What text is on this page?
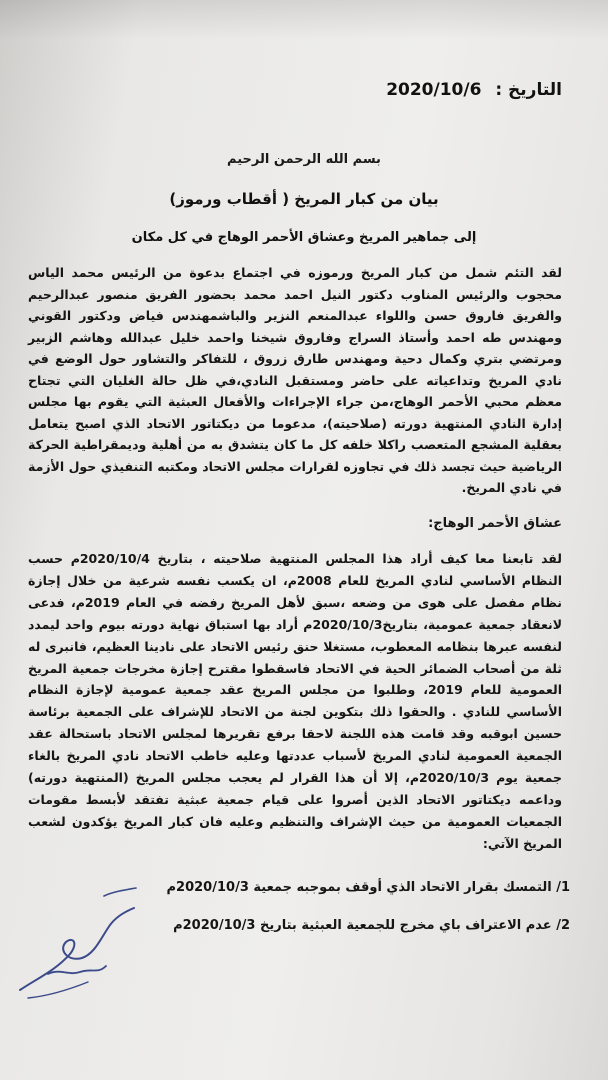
التاريخ : 2020/10/6
بسم الله الرحمن الرحيم
بيان من كبار المريخ ( أقطاب ورموز)
إلى جماهير المريخ وعشاق الأحمر الوهاج في كل مكان
لقد التئم شمل من كبار المريخ ورموزه في اجتماع بدعوة من الرئيس محمد الياس محجوب والرئيس المناوب دكتور النيل احمد محمد بحضور الفريق منصور عبدالرحيم والفريق فاروق حسن واللواء عبدالمنعم النزير والباشمهندس فياض ودكتور القوني ومهندس طه احمد وأستاذ السراج وفاروق شيخنا واحمد خليل عبدالله وهاشم الزبير ومرتضي بتري وكمال دحية ومهندس طارق زروق ، للتفاكر والتشاور حول الوضع في نادي المريخ وتداعياته على حاضر ومستقبل النادي،في ظل حالة الغليان التي تجتاح معظم محبي الأحمر الوهاج،من جراء الإجراءات والأفعال العبثية التي يقوم بها مجلس إدارة النادي المنتهية دورته (صلاحيته)، مدعوما من ديكتاتور الاتحاد الذي اصبح يتعامل بعقلية المشجع المتعصب راكلا خلفه كل ما كان يتشدق به من أهلية وديمقراطية الحركة الرياضية حيث تجسد ذلك في تجاوزه لقرارات مجلس الاتحاد ومكتبه التنفيذي حول الأزمة في نادي المريخ.
عشاق الأحمر الوهاج:
لقد تابعنا معا كيف أراد هذا المجلس المنتهية صلاحيته ، بتاريخ 2020/10/4م حسب النظام الأساسي لنادي المريخ للعام 2008م، ان يكسب نفسه شرعية من خلال إجازة نظام مفصل على هوى من وضعه ،سبق لأهل المريخ رفضه في العام 2019م، فدعى لانعقاد جمعية عمومية، بتاريخ2020/10/3م أراد بها استباق نهاية دورته بيوم واحد ليمدد لنفسه عبرها بنظامه المعطوب، مستغلا حنق رئيس الاتحاد على نادينا العظيم، فانبرى له ثلة من أصحاب الضمائر الحية في الاتحاد فاسقطوا مقترح إجازة مخرجات جمعية المريخ العمومية للعام 2019، وطلبوا من مجلس المريخ عقد جمعية عمومية لإجازة النظام الأساسي للنادي . والحقوا ذلك بتكوين لجنة من الاتحاد للإشراف على الجمعية برئاسة حسين ابوقبه وقد قامت هذه اللجنة لاحقا برفع تقريرها لمجلس الاتحاد باستحالة عقد الجمعية العمومية لنادي المريخ لأسباب عددتها وعليه خاطب الاتحاد نادي المريخ بالغاء جمعية يوم 2020/10/3م، إلا أن هذا القرار لم يعجب مجلس المريخ (المنتهية دورته) وداعمه ديكتاتور الاتحاد الذين أصروا على قيام جمعية عبثية تفتقد لأبسط مقومات الجمعيات العمومية من حيث الإشراف والتنظيم وعليه فان كبار المريخ يؤكدون لشعب المريخ الآتي:
1/ التمسك بقرار الاتحاد الذي أوقف بموجبه جمعية 2020/10/3م
2/ عدم الاعتراف باي مخرج للجمعية العبثية بتاريخ 2020/10/3م
